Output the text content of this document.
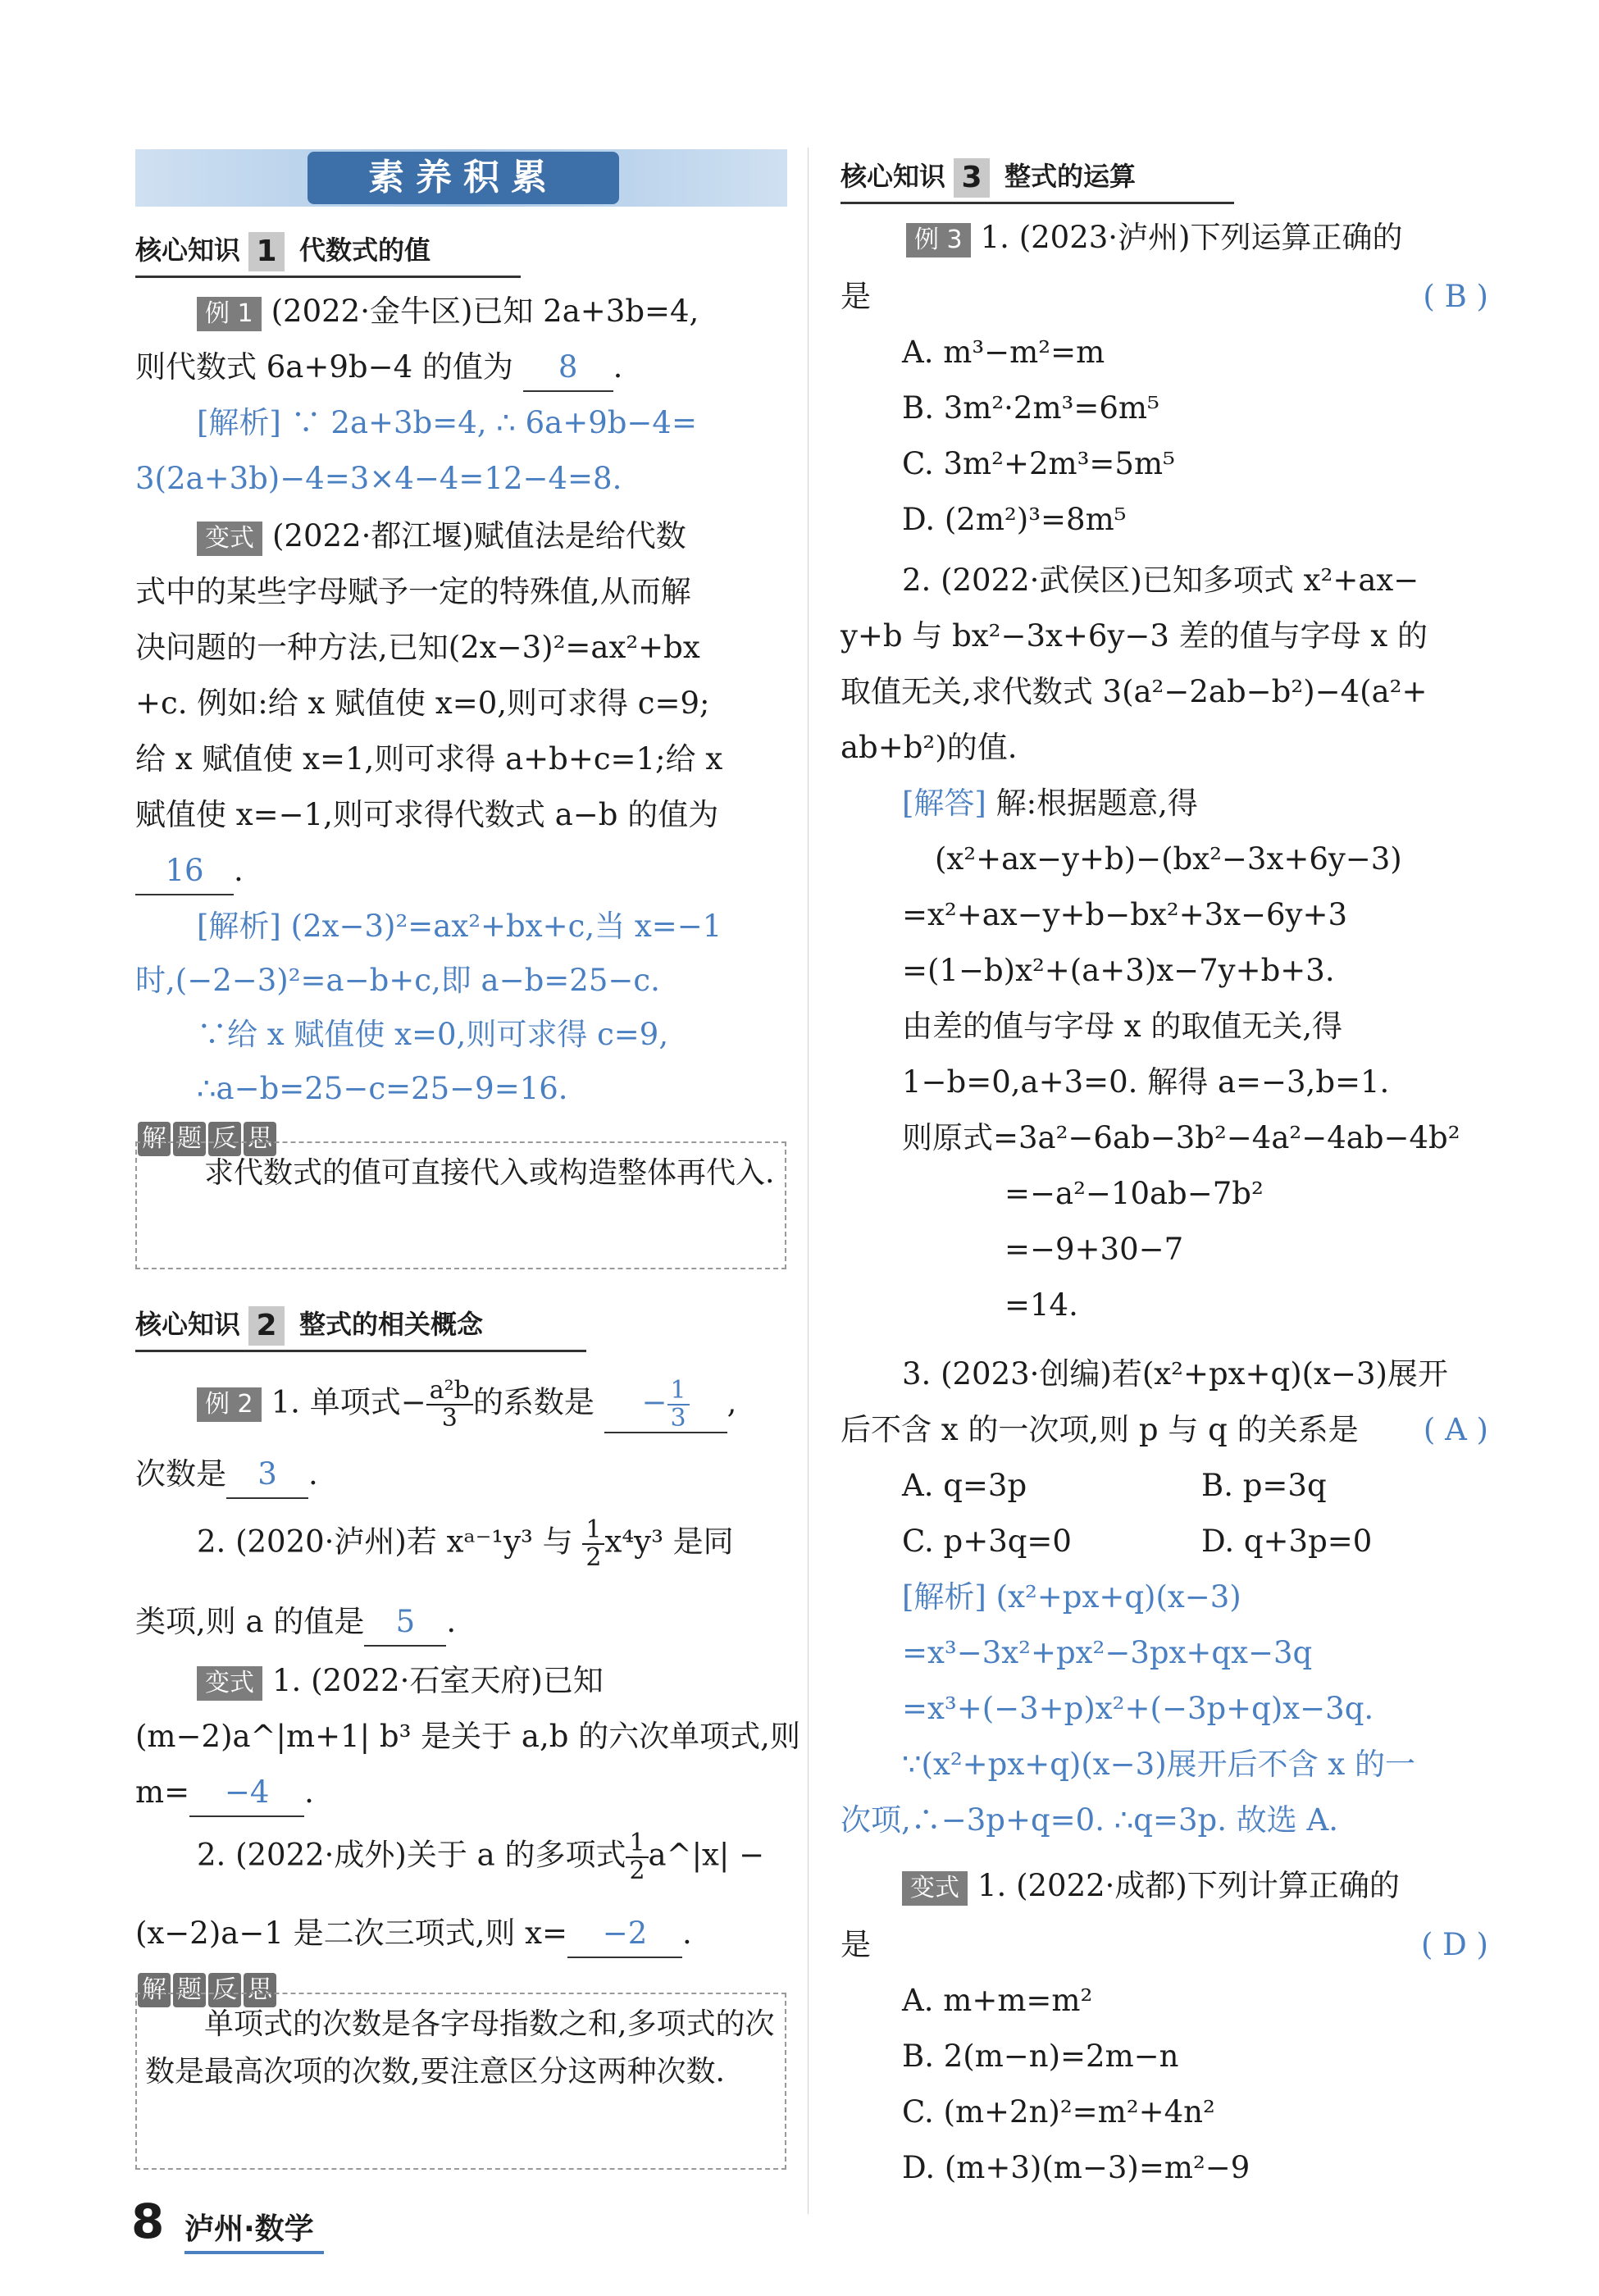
素养积累
核心知识 1 代数式的值
例 1 (2022·金牛区)已知 2a+3b=4,
则代数式 6a+9b−4 的值为 8 .
[解析] ∵ 2a+3b=4, ∴ 6a+9b−4=
3(2a+3b)−4=3×4−4=12−4=8.
变式 (2022·都江堰)赋值法是给代数
式中的某些字母赋予一定的特殊值,从而解
决问题的一种方法,已知(2x−3)²=ax²+bx
+c. 例如:给 x 赋值使 x=0,则可求得 c=9;
给 x 赋值使 x=1,则可求得 a+b+c=1;给 x
赋值使 x=−1,则可求得代数式 a−b 的值为
16 .
[解析] (2x−3)²=ax²+bx+c,当 x=−1
时,(−2−3)²=a−b+c,即 a−b=25−c.
∵给 x 赋值使 x=0,则可求得 c=9,
∴a−b=25−c=25−9=16.
解 题 反 思
求代数式的值可直接代入或构造整体再代入.
核心知识 2 整式的相关概念
例 2 1. 单项式− $\frac{\text{a²b}}{3}$ 的系数是 − $\frac{1}{3}$ ,
次数是 3 .
2. (2020·泸州)若 xᵃ⁻¹y³ 与 $\frac{1}{2} x^4y^3$ 是同
类项,则 a 的值是 5 .
变式 1. (2022·石室天府)已知
(m−2)a^|m+1| b³ 是关于 a,b 的六次单项式,则
m= −4 .
2. (2022·成外)关于 a 的多项式 $\frac{1}{2}$ a^|x| −
(x−2)a−1 是二次三项式,则 x= −2 .
解 题 反 思
单项式的次数是各字母指数之和,多项式的次数是最高次项的次数,要注意区分这两种次数.
核心知识 3 整式的运算
例 3 1. (2023·泸州)下列运算正确的
是	( B )
A. m³−m²=m
B. 3m²·2m³=6m⁵
C. 3m²+2m³=5m⁵
D. (2m²)³=8m⁵
2. (2022·武侯区)已知多项式 x²+ax−
y+b 与 bx²−3x+6y−3 差的值与字母 x 的
取值无关,求代数式 3(a²−2ab−b²)−4(a²+
ab+b²)的值.
[解答] 解:根据题意,得
(x²+ax−y+b)−(bx²−3x+6y−3)
=x²+ax−y+b−bx²+3x−6y+3
=(1−b)x²+(a+3)x−7y+b+3.
由差的值与字母 x 的取值无关,得
1−b=0,a+3=0. 解得 a=−3,b=1.
则原式=3a²−6ab−3b²−4a²−4ab−4b²
=−a²−10ab−7b²
=−9+30−7
=14.
3. (2023·创编)若(x²+px+q)(x−3)展开
后不含 x 的一次项,则 p 与 q 的关系是 ( A )
A. q=3p	B. p=3q
C. p+3q=0	D. q+3p=0
[解析] (x²+px+q)(x−3)
=x³−3x²+px²−3px+qx−3q
=x³+(−3+p)x²+(−3p+q)x−3q.
∵(x²+px+q)(x−3)展开后不含 x 的一
次项,∴−3p+q=0. ∴q=3p. 故选 A.
变式 1. (2022·成都)下列计算正确的
是	( D )
A. m+m=m²
B. 2(m−n)=2m−n
C. (m+2n)²=m²+4n²
D. (m+3)(m−3)=m²−9
8 泸州·数学
